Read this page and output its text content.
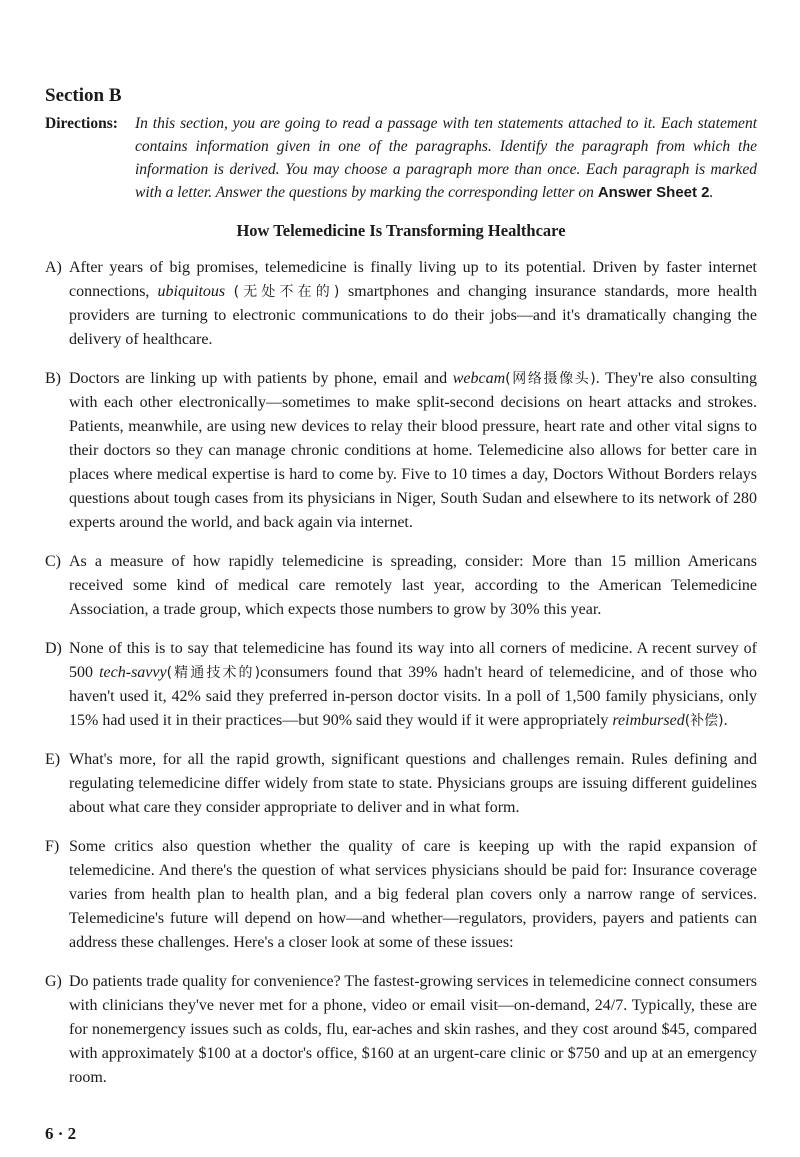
Section B
Directions:	In this section, you are going to read a passage with ten statements attached to it. Each statement contains information given in one of the paragraphs. Identify the paragraph from which the information is derived. You may choose a paragraph more than once. Each paragraph is marked with a letter. Answer the questions by marking the corresponding letter on Answer Sheet 2.
How Telemedicine Is Transforming Healthcare
A) After years of big promises, telemedicine is finally living up to its potential. Driven by faster internet connections, ubiquitous (无处不在的) smartphones and changing insurance standards, more health providers are turning to electronic communications to do their jobs—and it's dramatically changing the delivery of healthcare.
B) Doctors are linking up with patients by phone, email and webcam(网络摄像头). They're also consulting with each other electronically—sometimes to make split-second decisions on heart attacks and strokes. Patients, meanwhile, are using new devices to relay their blood pressure, heart rate and other vital signs to their doctors so they can manage chronic conditions at home. Telemedicine also allows for better care in places where medical expertise is hard to come by. Five to 10 times a day, Doctors Without Borders relays questions about tough cases from its physicians in Niger, South Sudan and elsewhere to its network of 280 experts around the world, and back again via internet.
C) As a measure of how rapidly telemedicine is spreading, consider: More than 15 million Americans received some kind of medical care remotely last year, according to the American Telemedicine Association, a trade group, which expects those numbers to grow by 30% this year.
D) None of this is to say that telemedicine has found its way into all corners of medicine. A recent survey of 500 tech-savvy(精通技术的)consumers found that 39% hadn't heard of telemedicine, and of those who haven't used it, 42% said they preferred in-person doctor visits. In a poll of 1,500 family physicians, only 15% had used it in their practices—but 90% said they would if it were appropriately reimbursed(补偿).
E) What's more, for all the rapid growth, significant questions and challenges remain. Rules defining and regulating telemedicine differ widely from state to state. Physicians groups are issuing different guidelines about what care they consider appropriate to deliver and in what form.
F) Some critics also question whether the quality of care is keeping up with the rapid expansion of telemedicine. And there's the question of what services physicians should be paid for: Insurance coverage varies from health plan to health plan, and a big federal plan covers only a narrow range of services. Telemedicine's future will depend on how—and whether—regulators, providers, payers and patients can address these challenges. Here's a closer look at some of these issues:
G) Do patients trade quality for convenience? The fastest-growing services in telemedicine connect consumers with clinicians they've never met for a phone, video or email visit—on-demand, 24/7. Typically, these are for nonemergency issues such as colds, flu, ear-aches and skin rashes, and they cost around $45, compared with approximately $100 at a doctor's office, $160 at an urgent-care clinic or $750 and up at an emergency room.
6 · 2
